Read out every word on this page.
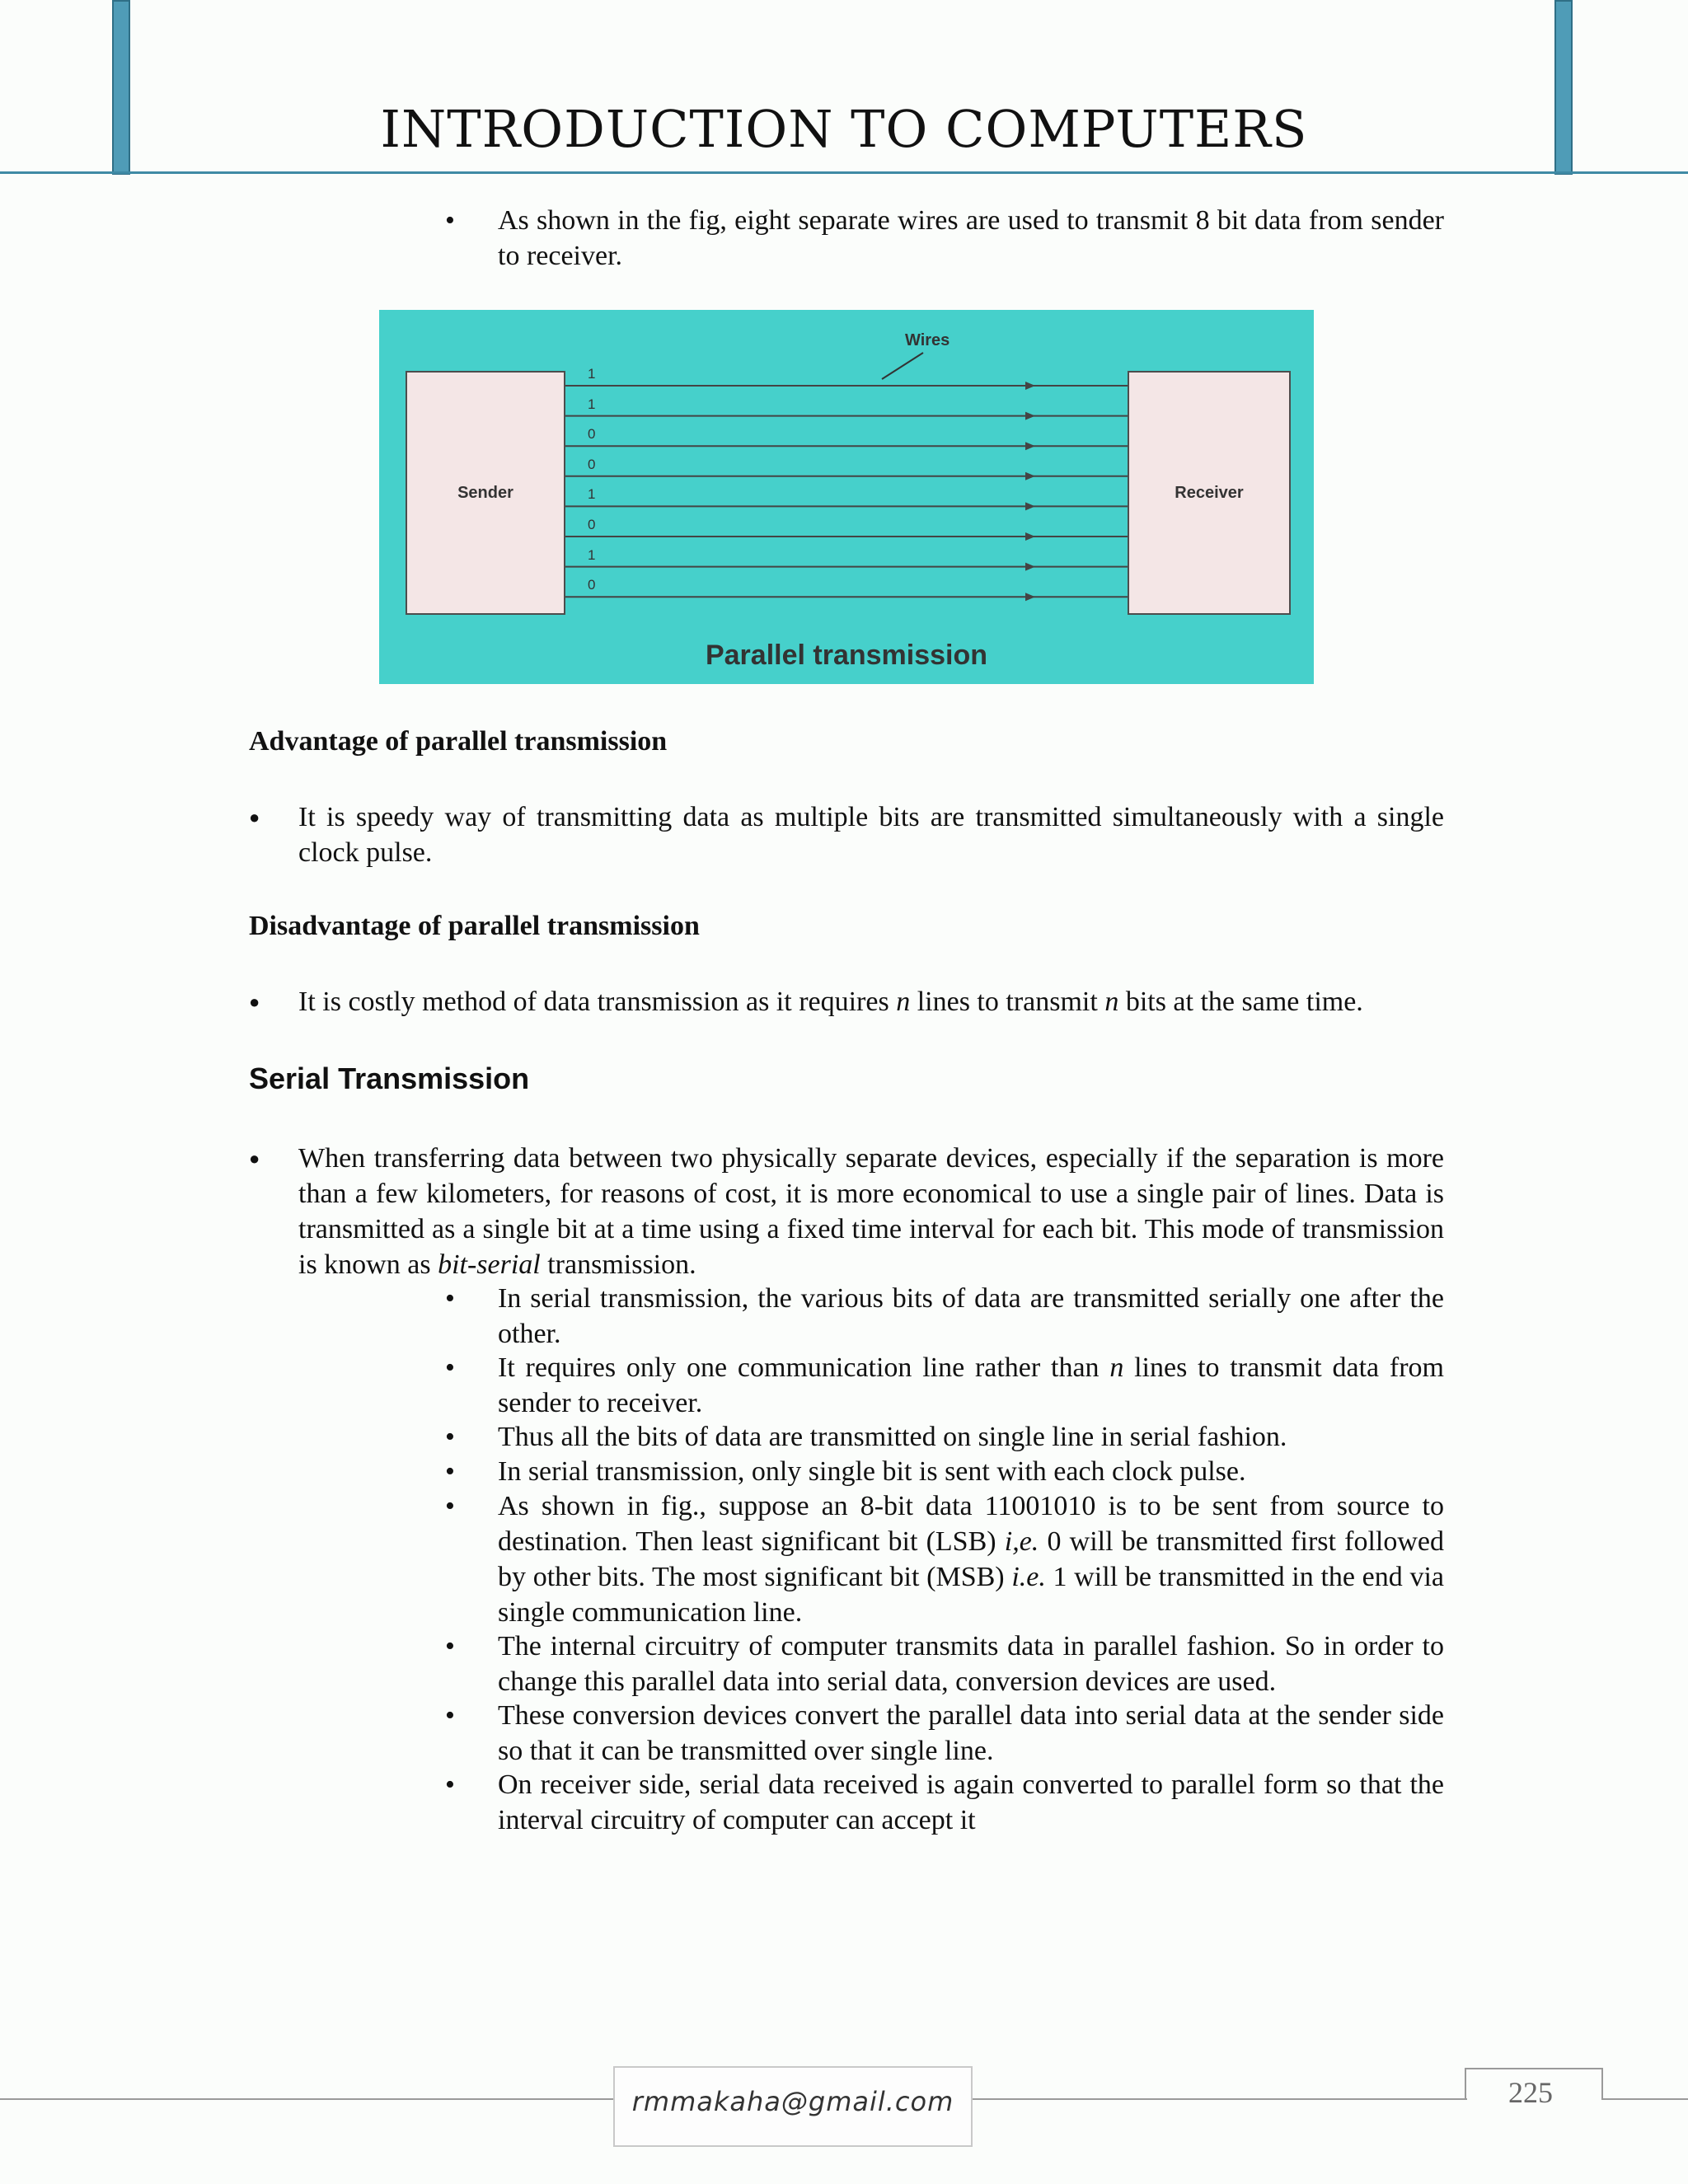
INTRODUCTION TO COMPUTERS
• As shown in the fig, eight separate wires are used to transmit 8 bit data from sender to receiver.
Sender	Receiver
Wires
1
1
0
0
1
0
1
0
Parallel transmission
Advantage of parallel transmission
● It is speedy way of transmitting data as multiple bits are transmitted simultaneously with a single clock pulse.
Disadvantage of parallel transmission
● It is costly method of data transmission as it requires n lines to transmit n bits at the same time.
Serial Transmission
● When transferring data between two physically separate devices, especially if the separation is more than a few kilometers, for reasons of cost, it is more economical to use a single pair of lines. Data is transmitted as a single bit at a time using a fixed time interval for each bit. This mode of transmission is known as bit-serial transmission.
• In serial transmission, the various bits of data are transmitted serially one after the other.
• It requires only one communication line rather than n lines to transmit data from sender to receiver.
• Thus all the bits of data are transmitted on single line in serial fashion.
• In serial transmission, only single bit is sent with each clock pulse.
• As shown in fig., suppose an 8-bit data 11001010 is to be sent from source to destination. Then least significant bit (LSB) i,e. 0 will be transmitted first followed by other bits. The most significant bit (MSB) i.e. 1 will be transmitted in the end via single communication line.
• The internal circuitry of computer transmits data in parallel fashion. So in order to change this parallel data into serial data, conversion devices are used.
• These conversion devices convert the parallel data into serial data at the sender side so that it can be transmitted over single line.
• On receiver side, serial data received is again converted to parallel form so that the interval circuitry of computer can accept it
225
rmmakaha@gmail.com
